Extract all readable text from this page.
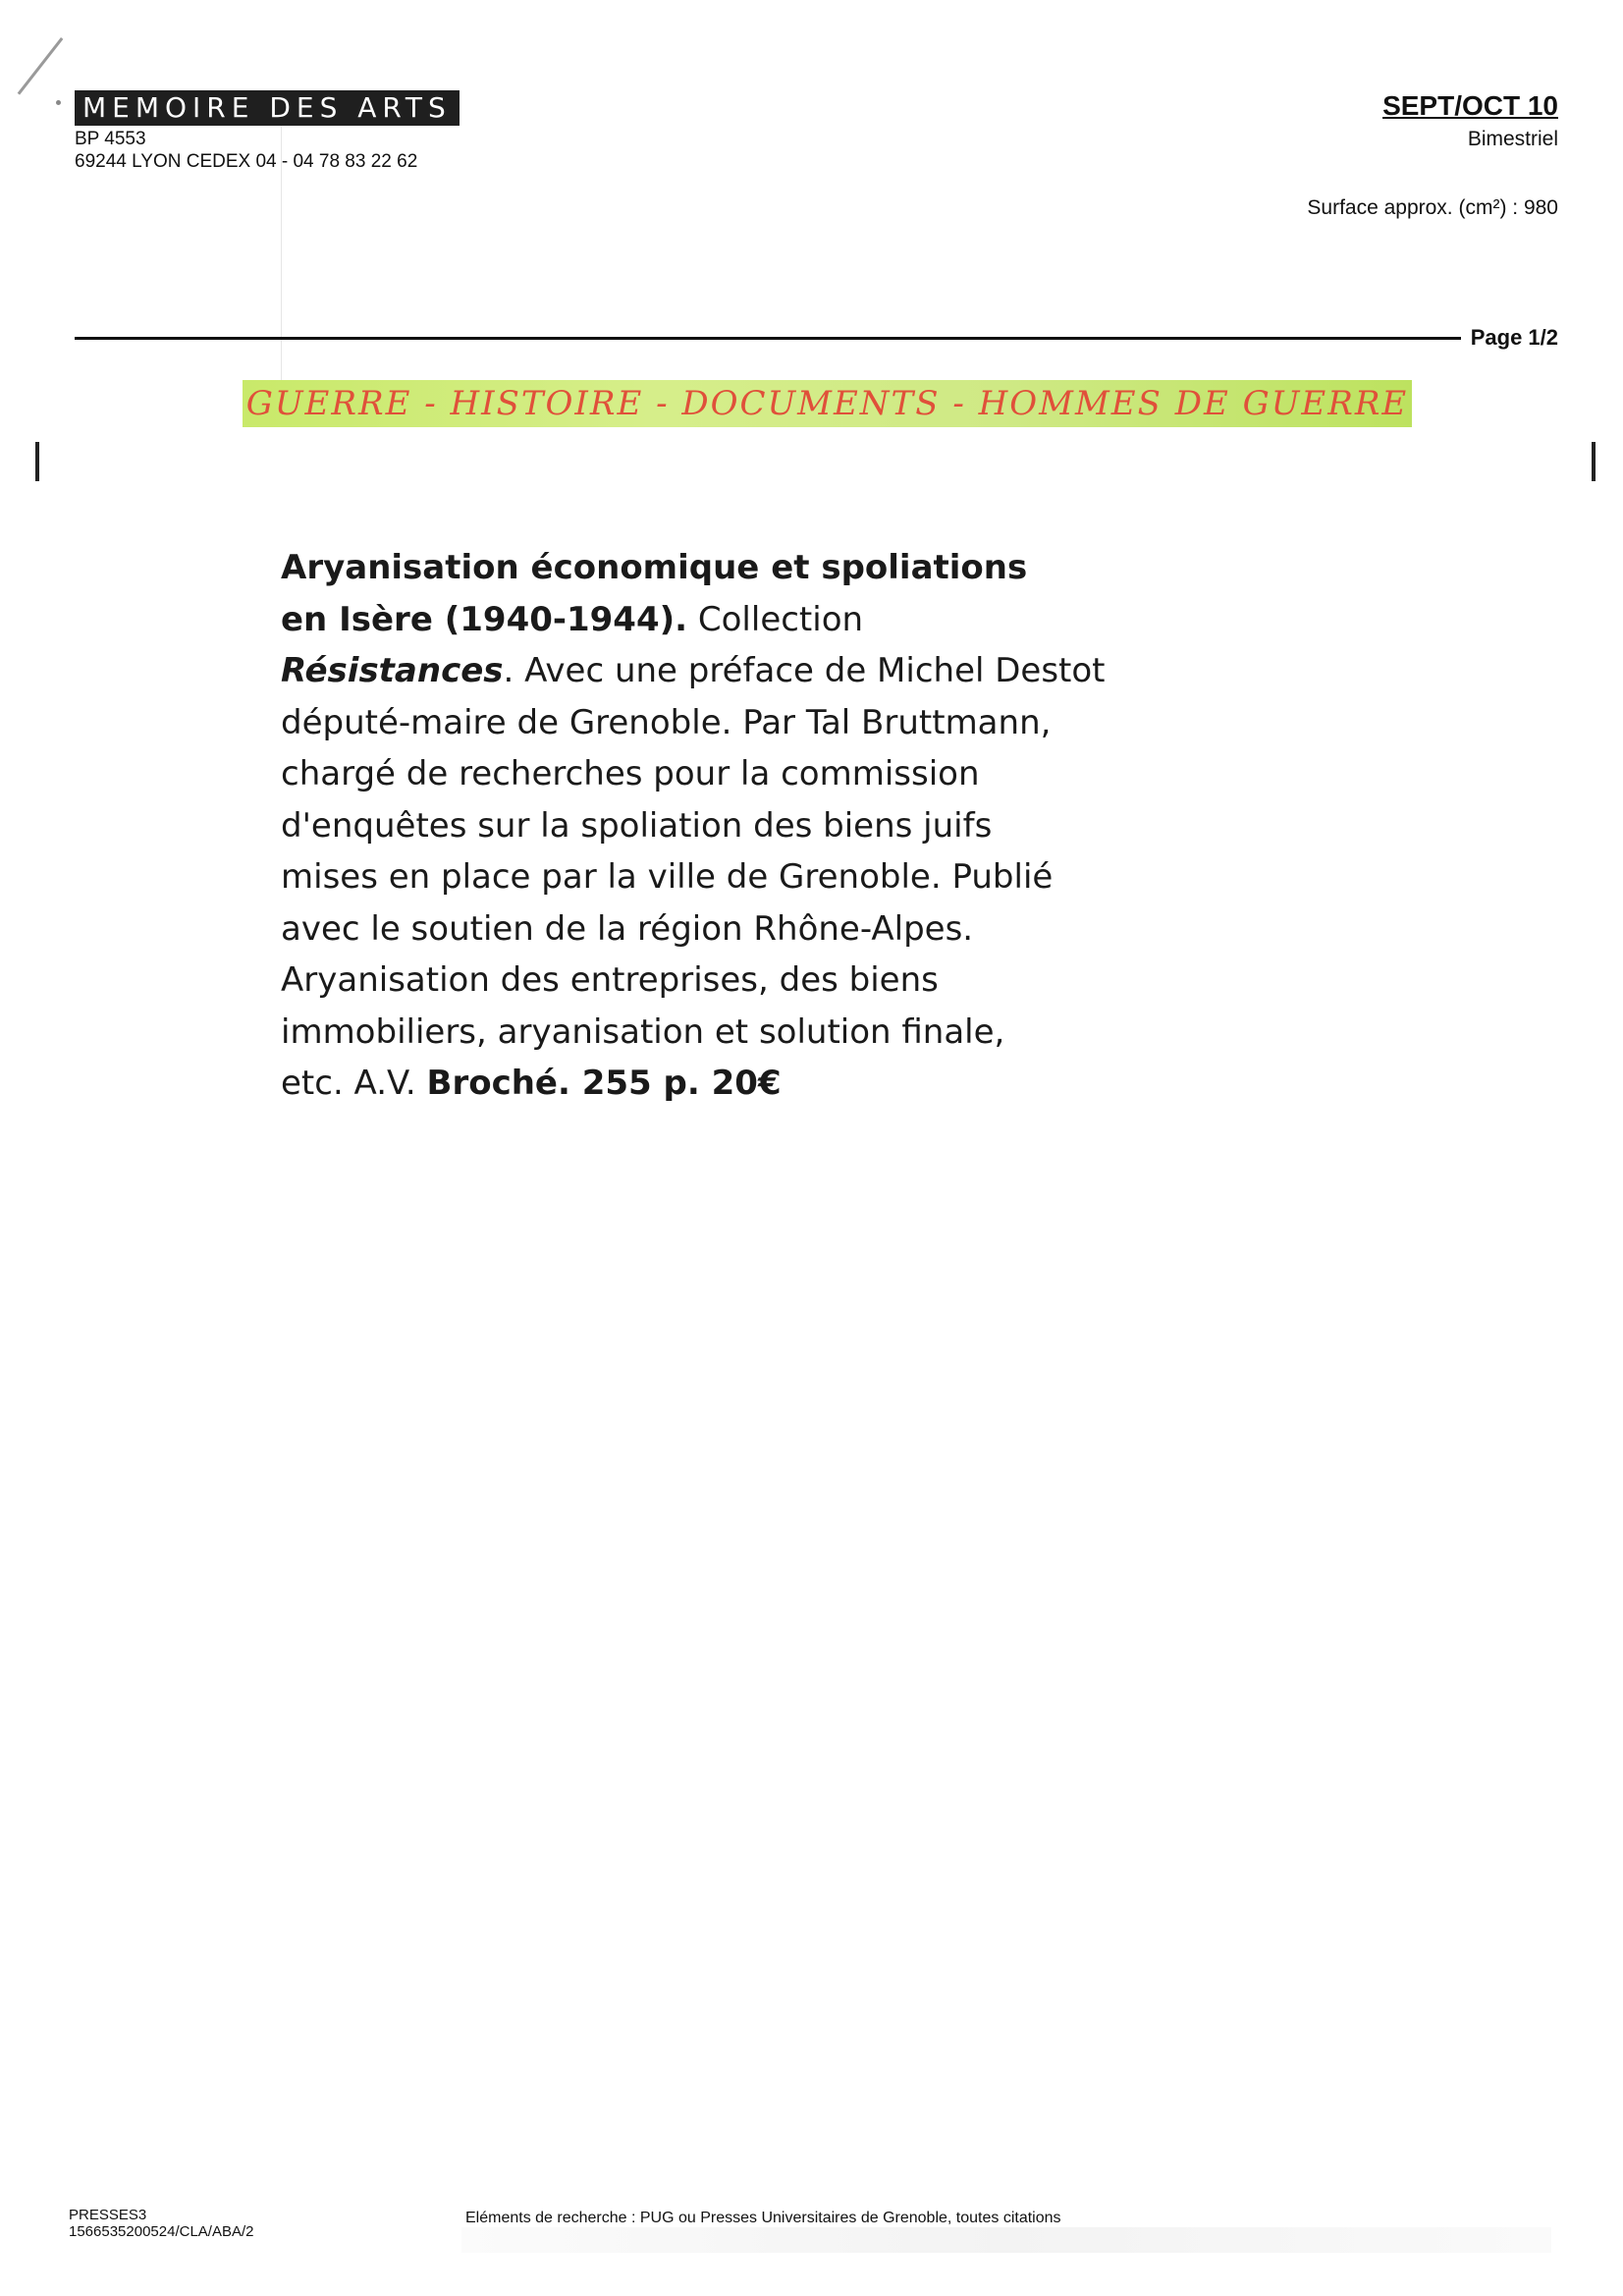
MEMOIRE DES ARTS
BP 4553
69244 LYON CEDEX 04 - 04 78 83 22 62
SEPT/OCT 10
Bimestriel
Surface approx. (cm²) : 980
Page 1/2
GUERRE - HISTOIRE - DOCUMENTS - HOMMES DE GUERRE
Aryanisation économique et spoliations
en Isère (1940-1944). Collection
Résistances. Avec une préface de Michel Destot
député-maire de Grenoble. Par Tal Bruttmann,
chargé de recherches pour la commission
d'enquêtes sur la spoliation des biens juifs
mises en place par la ville de Grenoble. Publié
avec le soutien de la région Rhône-Alpes.
Aryanisation des entreprises, des biens
immobiliers, aryanisation et solution finale,
etc. A.V. Broché. 255 p. 20€
PRESSES3
1566535200524/CLA/ABA/2
Eléments de recherche : PUG ou Presses Universitaires de Grenoble, toutes citations
